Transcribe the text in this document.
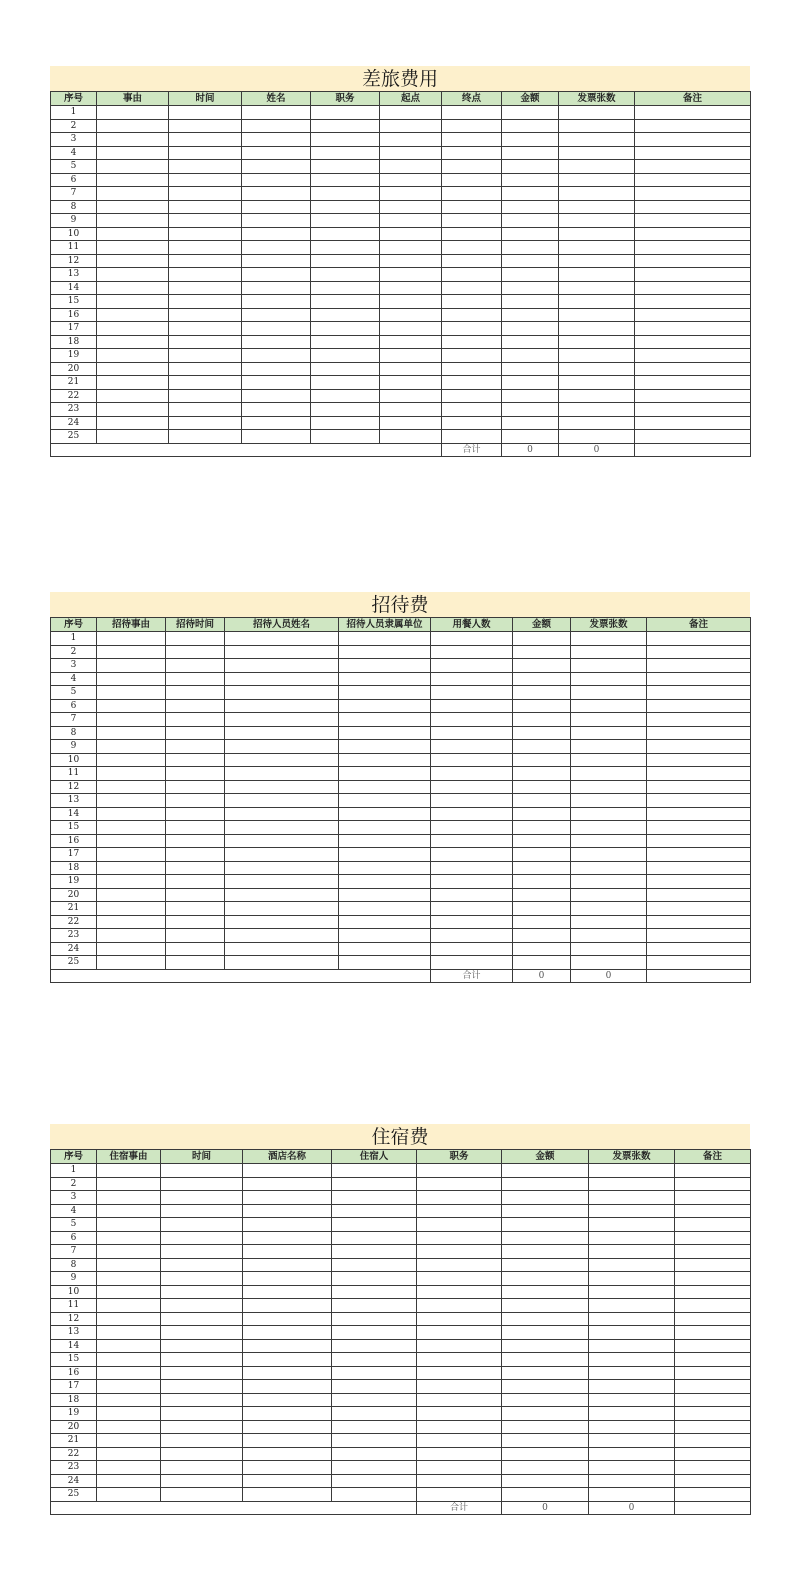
差旅费用
序号	事由	时间	姓名	职务	起点	终点	金额	发票张数	备注
1									
2									
3									
4									
5									
6									
7									
8									
9									
10									
11									
12									
13									
14									
15									
16									
17									
18									
19									
20									
21									
22									
23									
24									
25									
						合计	0	0	
招待费
序号	招待事由	招待时间	招待人员姓名	招待人员隶属单位	用餐人数	金额	发票张数	备注
1								
2								
3								
4								
5								
6								
7								
8								
9								
10								
11								
12								
13								
14								
15								
16								
17								
18								
19								
20								
21								
22								
23								
24								
25								
					合计	0	0	
住宿费
序号	住宿事由	时间	酒店名称	住宿人	职务	金额	发票张数	备注
1								
2								
3								
4								
5								
6								
7								
8								
9								
10								
11								
12								
13								
14								
15								
16								
17								
18								
19								
20								
21								
22								
23								
24								
25								
					合计	0	0	
